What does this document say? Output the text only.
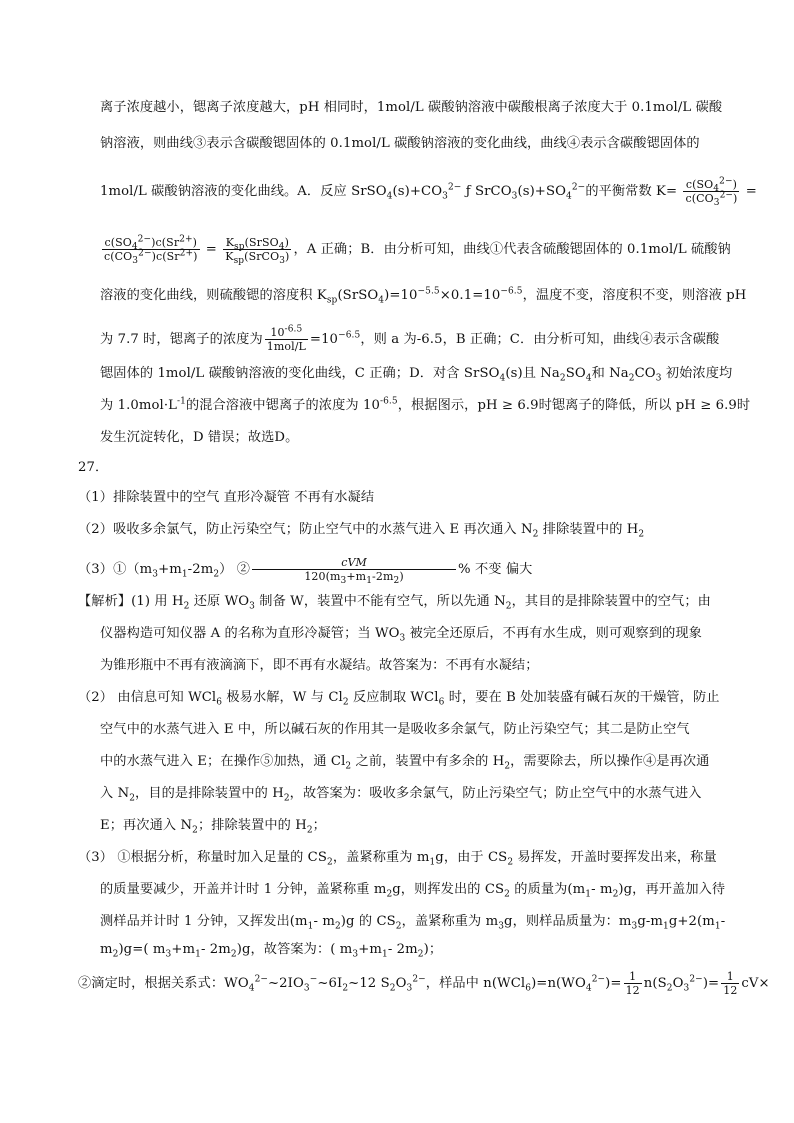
离子浓度越小，锶离子浓度越大，pH 相同时，1mol/L 碳酸钠溶液中碳酸根离子浓度大于 0.1mol/L 碳酸
钠溶液，则曲线③表示含碳酸锶固体的 0.1mol/L 碳酸钠溶液的变化曲线，曲线④表示含碳酸锶固体的
1mol/L 碳酸钠溶液的变化曲线。A．反应 $SrSO_4(s)+CO_3^{2-}$ ƒ $SrCO_3(s)+SO_4^{2-}$的平衡常数 $K= \frac{c(SO_4^{2-})}{c(CO_3^{2-})}$ =
$\frac{c(SO_4^{2-})c(Sr^{2+})}{c(CO_3^{2-})c(Sr^{2+})} = \frac{K_{sp}(SrSO_4)}{K_{sp}(SrCO_3)}$ ，A 正确；B．由分析可知，曲线①代表含硫酸锶固体的 0.1mol/L 硫酸钠
溶液的变化曲线，则硫酸锶的溶度积 $K_{sp}(SrSO_4)=10^{-5.5}\times 0.1=10^{-6.5}$，温度不变，溶度积不变，则溶液 pH
为 7.7 时，锶离子的浓度为 $\frac{10^{-6.5}}{\text{1mol/L}} =10^{-6.5}$，则 a 为-6.5，B 正确；C．由分析可知，曲线④表示含碳酸
锶固体的 1mol/L 碳酸钠溶液的变化曲线，C 正确；D．对含 SrSO$_4$(s)且 $Na_2SO_4$和 $Na_2CO_3$ 初始浓度均
为 $1.0mol\cdot L^{-1}$的混合溶液中锶离子的浓度为 $10^{-6.5}$，根据图示，pH ≥ 6.9时锶离子的降低，所以 pH ≥ 6.9时
发生沉淀转化，D 错误；故选D。
27．
（1）排除装置中的空气 直形冷凝管 不再有水凝结
（2）吸收多余氯气，防止污染空气；防止空气中的水蒸气进入 E 再次通入 $N_2$ 排除装置中的 $H_2$
$(3)①(m_3+m_1-2m_2)$ ② $\frac{\text{cVM}}{120(m_3+m_1-2m_2)}$ % 不变 偏大
【解析】(1) 用 $H_2$ 还原 $WO_3$ 制备 W，装置中不能有空气，所以先通 $N_2$，其目的是排除装置中的空气；由
仪器构造可知仪器 A 的名称为直形冷凝管；当 $WO_3$ 被完全还原后，不再有水生成，则可观察到的现象
为锥形瓶中不再有液滴滴下，即不再有水凝结。故答案为：不再有水凝结；
（2） 由信息可知 WCl$_6$ 极易水解，W 与 $Cl_2$ 反应制取 WCl$_6$ 时，要在 B 处加装盛有碱石灰的干燥管，防止
空气中的水蒸气进入 E 中，所以碱石灰的作用其一是吸收多余氯气，防止污染空气；其二是防止空气
中的水蒸气进入 E；在操作⑤加热，通 $Cl_2$ 之前，装置中有多余的 $H_2$，需要除去，所以操作④是再次通
入 $N_2$，目的是排除装置中的 $H_2$，故答案为：吸收多余氯气，防止污染空气；防止空气中的水蒸气进入
E；再次通入 $N_2$；排除装置中的 $H_2$；
（3） ①根据分析，称量时加入足量的 $CS_2$，盖紧称重为 $m_1g$，由于 $CS_2$ 易挥发，开盖时要挥发出来，称量
的质量要减少，开盖并计时 1 分钟，盖紧称重 $m_2g$，则挥发出的 $CS_2$ 的质量为($m_1-$ $m_2)g$，再开盖加入待
测样品并计时 1 分钟，又挥发出($m_1-$ $m_2)g$ 的 $CS_2$，盖紧称重为 $m_3g$，则样品质量为：$m_3g-m_1g+2(m_1-$
$m_2)g=$( $m_3+m_1-$ $2m_2)g$，故答案为：( $m_3+m_1-$ $2m_2$)；
②滴定时，根据关系式：$WO_4^{2-}\sim 2IO_3^-\sim 6I_2\sim 12$ $S_2O_3^{2-}$，样品中 $n(WCl_6)=n(WO_4^{2-})= \frac{1}{12} n(S_2O_3^{2-})= \frac{1}{12} cV\times$
